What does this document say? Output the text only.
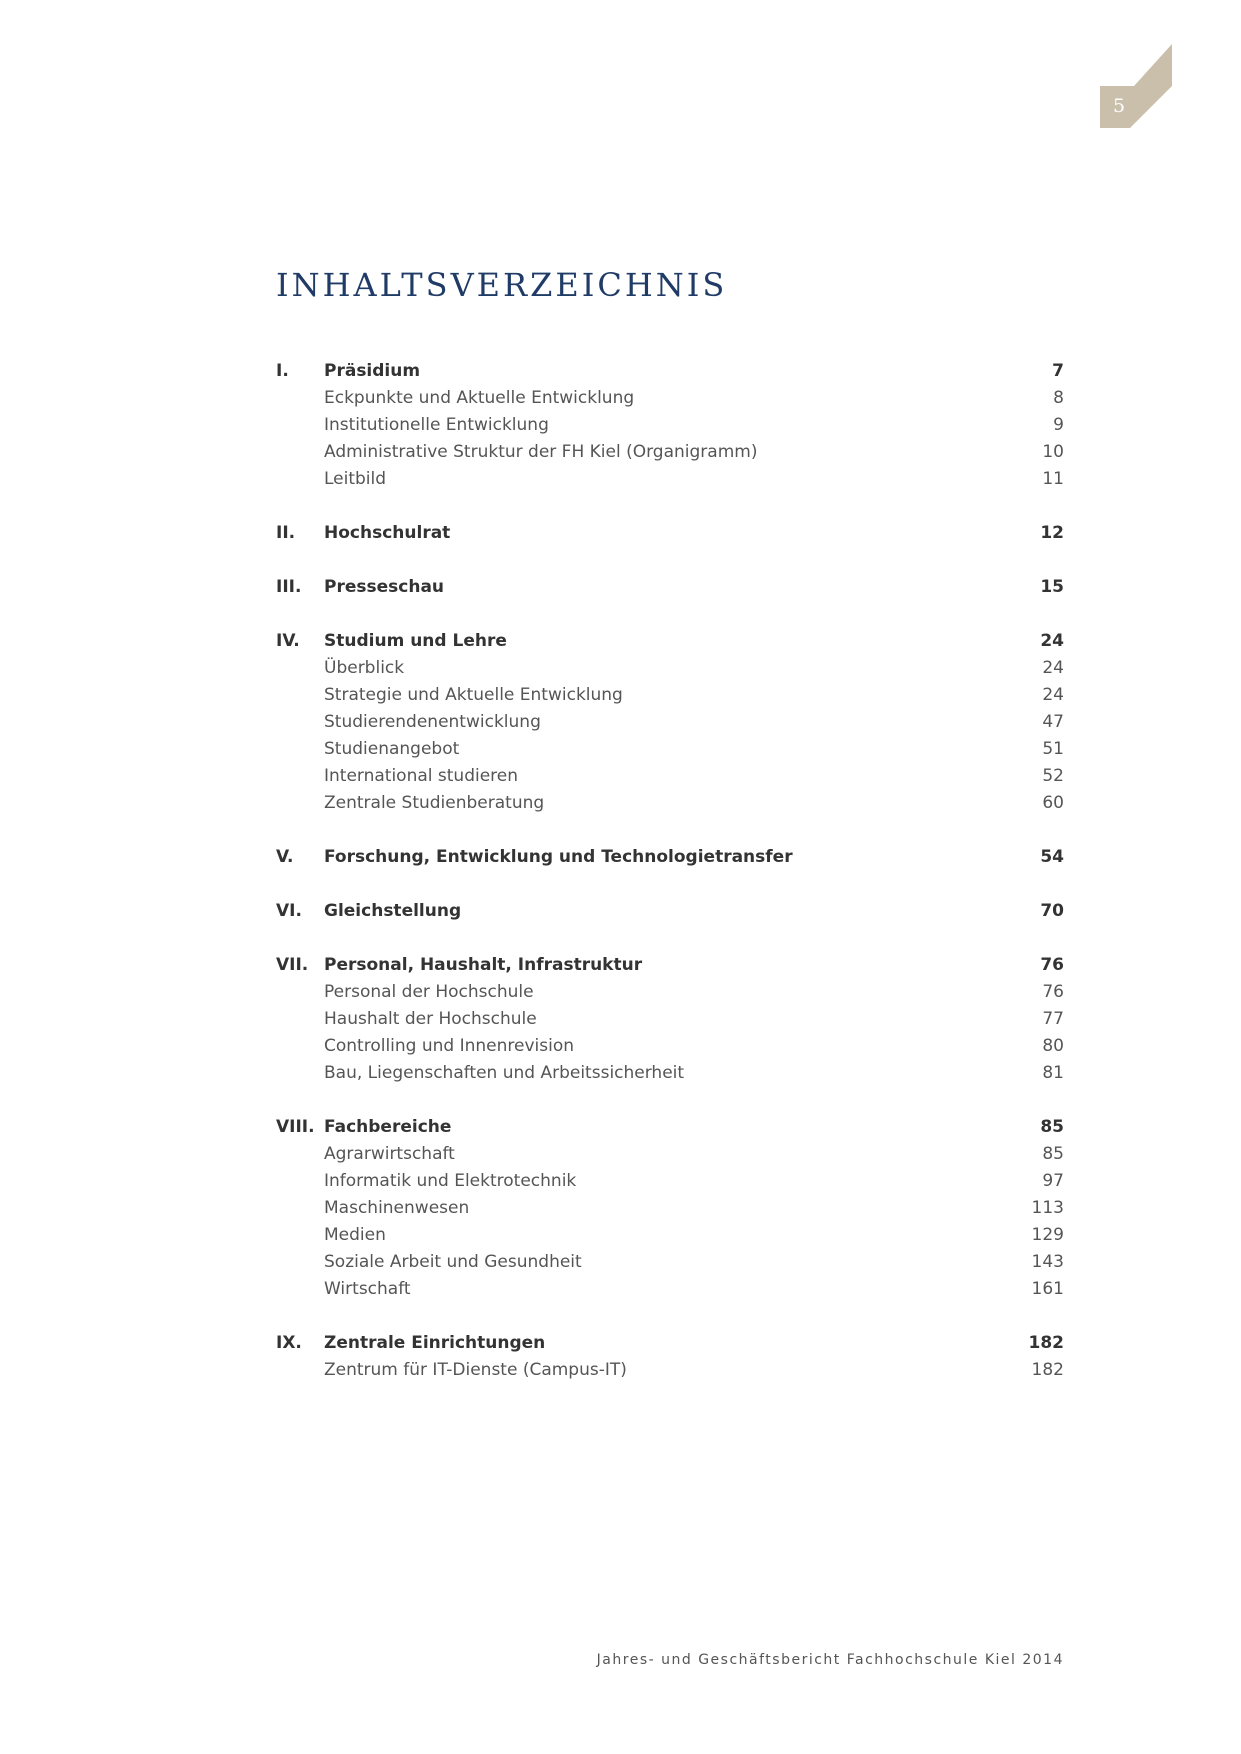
5
INHALTSVERZEICHNIS
I.	Präsidium	7
Eckpunkte und Aktuelle Entwicklung	8
Institutionelle Entwicklung	9
Administrative Struktur der FH Kiel (Organigramm)	10
Leitbild	11
II.	Hochschulrat	12
III.	Presseschau	15
IV.	Studium und Lehre	24
Überblick	24
Strategie und Aktuelle Entwicklung	24
Studierendenentwicklung	47
Studienangebot	51
International studieren	52
Zentrale Studienberatung	60
V.	Forschung, Entwicklung und Technologietransfer	54
VI.	Gleichstellung	70
VII. Personal, Haushalt, Infrastruktur	76
Personal der Hochschule	76
Haushalt der Hochschule	77
Controlling und Innenrevision	80
Bau, Liegenschaften und Arbeitssicherheit	81
VIII. Fachbereiche	85
Agrarwirtschaft	85
Informatik und Elektrotechnik	97
Maschinenwesen	113
Medien	129
Soziale Arbeit und Gesundheit	143
Wirtschaft	161
IX.	Zentrale Einrichtungen	182
Zentrum für IT-Dienste (Campus-IT)	182
Jahres- und Geschäftsbericht Fachhochschule Kiel 2014
